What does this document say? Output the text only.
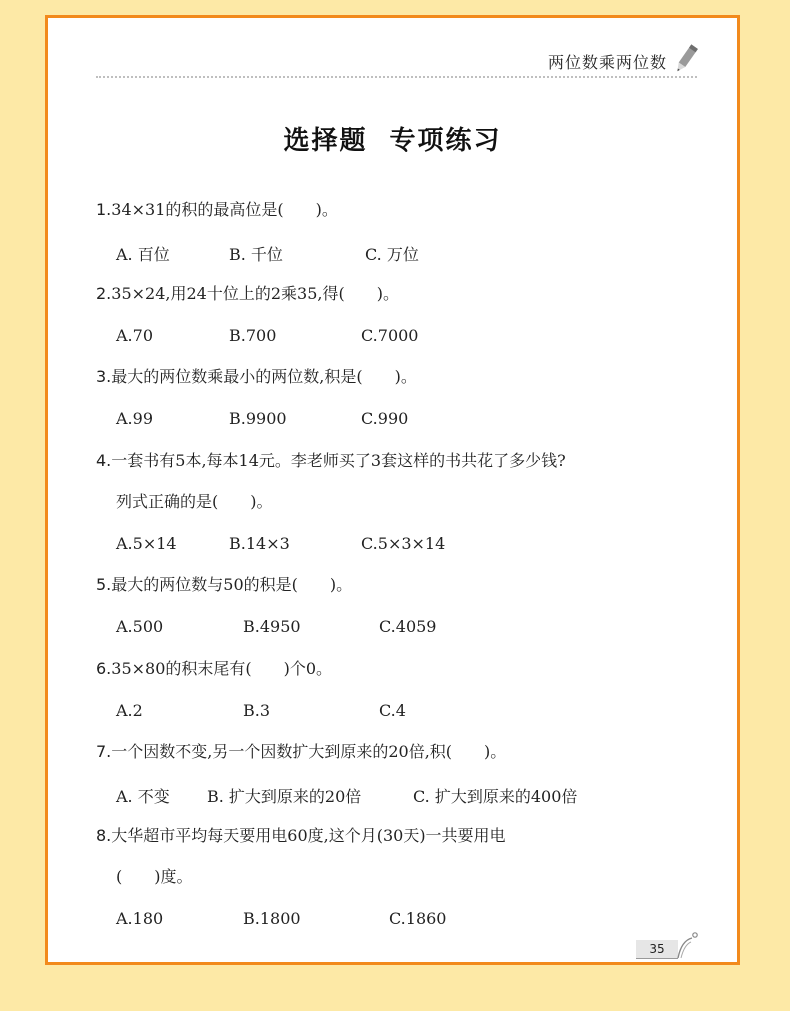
两位数乘两位数
选择题 专项练习
1.34×31的积的最高位是(　　)。
A. 百位	B. 千位	C. 万位
2.35×24,用24十位上的2乘35,得(　　)。
A.70	B.700	C.7000
3.最大的两位数乘最小的两位数,积是(　　)。
A.99	B.9900	C.990
4.一套书有5本,每本14元。李老师买了3套这样的书共花了多少钱?
列式正确的是(　　)。
A.5×14	B.14×3	C.5×3×14
5.最大的两位数与50的积是(　　)。
A.500	B.4950	C.4059
6.35×80的积末尾有(　　)个0。
A.2	B.3	C.4
7.一个因数不变,另一个因数扩大到原来的20倍,积(　　)。
A. 不变 B. 扩大到原来的20倍	C. 扩大到原来的400倍
8.大华超市平均每天要用电60度,这个月(30天)一共要用电
(　　)度。
A.180	B.1800	C.1860
35
